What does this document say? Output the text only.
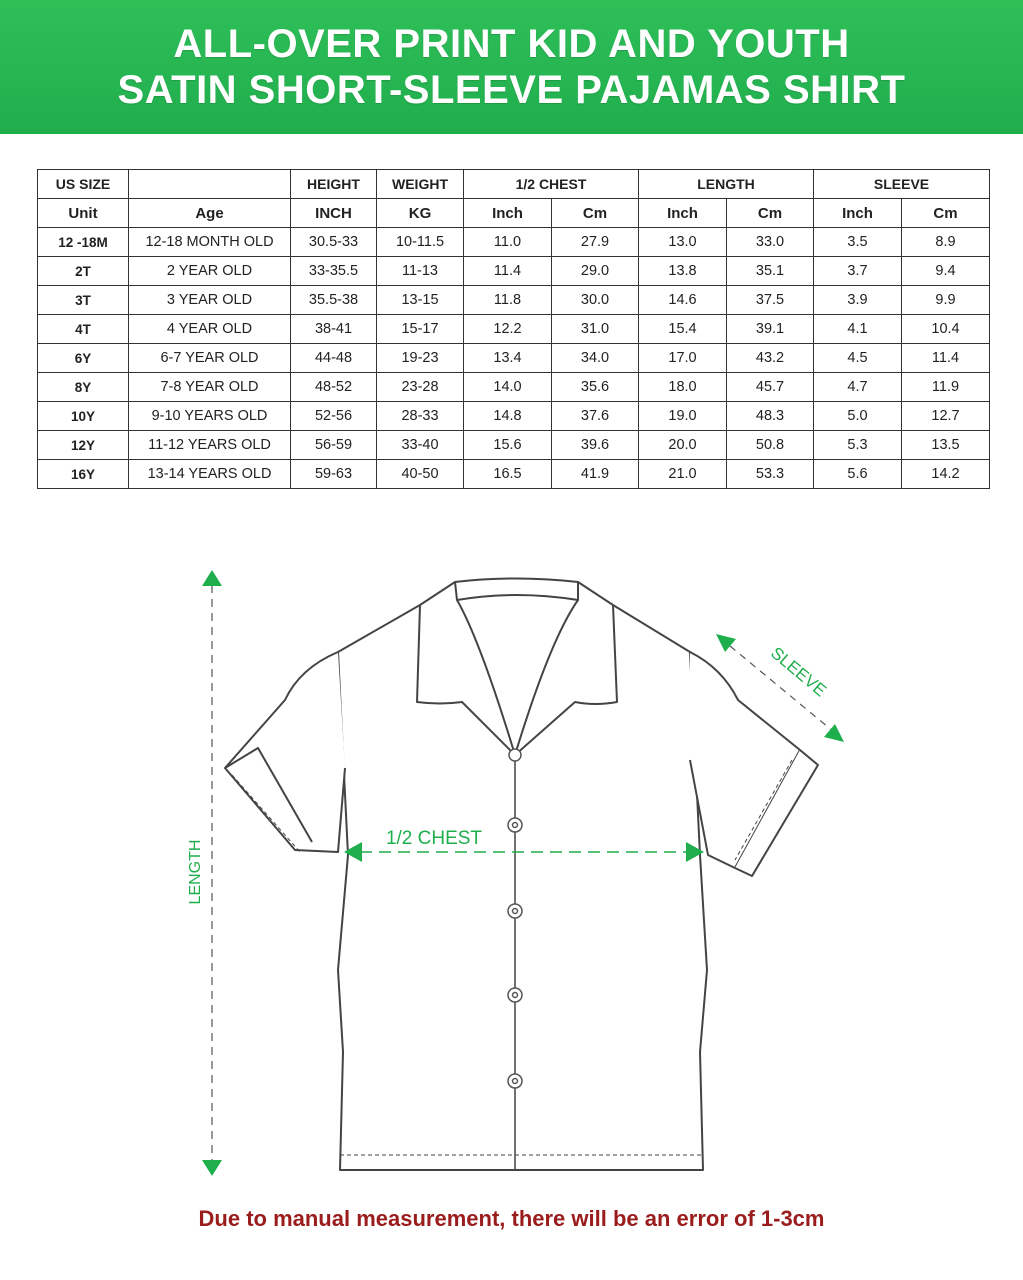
ALL-OVER PRINT KID AND YOUTH
SATIN SHORT-SLEEVE PAJAMAS SHIRT
US SIZE		HEIGHT	WEIGHT	1/2 CHEST		LENGTH		SLEEVE	
Unit	Age	INCH	KG	Inch	Cm	Inch	Cm	Inch	Cm
12 -18M	12-18 MONTH OLD	30.5-33	10-11.5	11.0	27.9	13.0	33.0	3.5	8.9
2T	2 YEAR OLD	33-35.5	11-13	11.4	29.0	13.8	35.1	3.7	9.4
3T	3 YEAR OLD	35.5-38	13-15	11.8	30.0	14.6	37.5	3.9	9.9
4T	4 YEAR OLD	38-41	15-17	12.2	31.0	15.4	39.1	4.1	10.4
6Y	6-7 YEAR OLD	44-48	19-23	13.4	34.0	17.0	43.2	4.5	11.4
8Y	7-8 YEAR OLD	48-52	23-28	14.0	35.6	18.0	45.7	4.7	11.9
10Y	9-10 YEARS OLD	52-56	28-33	14.8	37.6	19.0	48.3	5.0	12.7
12Y	11-12 YEARS OLD	56-59	33-40	15.6	39.6	20.0	50.8	5.3	13.5
16Y	13-14 YEARS OLD	59-63	40-50	16.5	41.9	21.0	53.3	5.6	14.2
LENGTH
1/2 CHEST
SLEEVE
Due to manual measurement, there will be an error of 1-3cm
